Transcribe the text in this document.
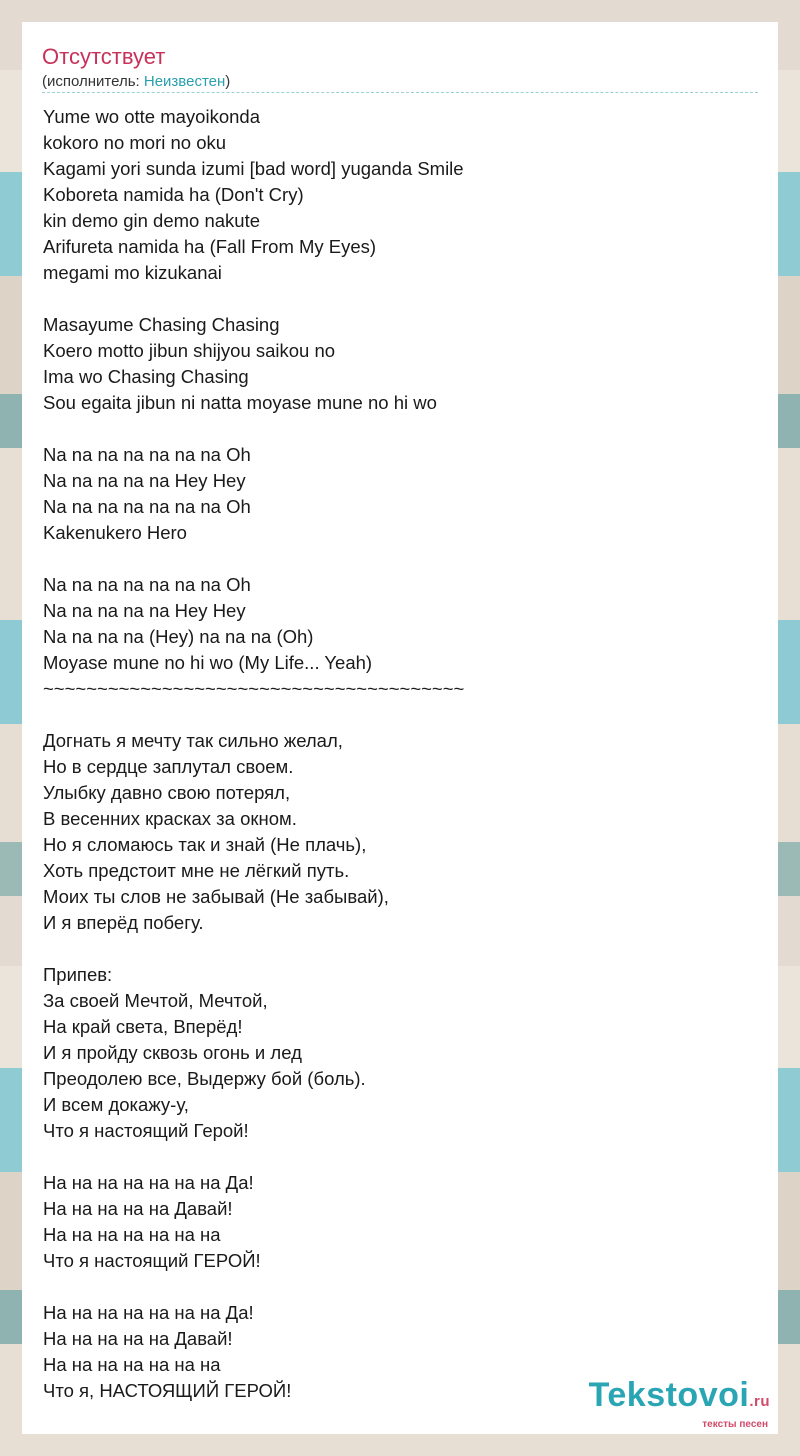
Отсутствует
(исполнитель: Неизвестен)
Yume wo otte mayoikonda
kokoro no mori no oku
Kagami yori sunda izumi [bad word] yuganda Smile
Koboreta namida ha (Don't Cry)
kin demo gin demo nakute
Arifureta namida ha (Fall From My Eyes)
megami mo kizukanai
Masayume Chasing Chasing
Koero motto jibun shijyou saikou no
Ima wo Chasing Chasing
Sou egaita jibun ni natta moyase mune no hi wo
Na na na na na na na Oh
Na na na na na Hey Hey
Na na na na na na na Oh
Kakenukero Hero
Na na na na na na na Oh
Na na na na na Hey Hey
Na na na na (Hey) na na na (Oh)
Moyase mune no hi wo (My Life... Yeah)
~~~~~~~~~~~~~~~~~~~~~~~~~~~~~~~~~~~~~~~
Догнать я мечту так сильно желал,
Но в сердце заплутал своем.
Улыбку давно свою потерял,
В весенних красках за окном.
Но я сломаюсь так и знай (Не плачь),
Хоть предстоит мне не лёгкий путь.
Моих ты слов не забывай (Не забывай),
И я вперёд побегу.
Припев:
За своей Мечтой, Мечтой,
На край света, Вперёд!
И я пройду сквозь огонь и лед
Преодолею все, Выдержу бой (боль).
И всем докажу-у,
Что я настоящий Герой!
На на на на на на на Да!
На на на на на Давай!
На на на на на на на
Что я настоящий ГЕРОЙ!
На на на на на на на Да!
На на на на на Давай!
На на на на на на на
Что я, НАСТОЯЩИЙ ГЕРОЙ!	Tekstovoi.ru
тексты песен
